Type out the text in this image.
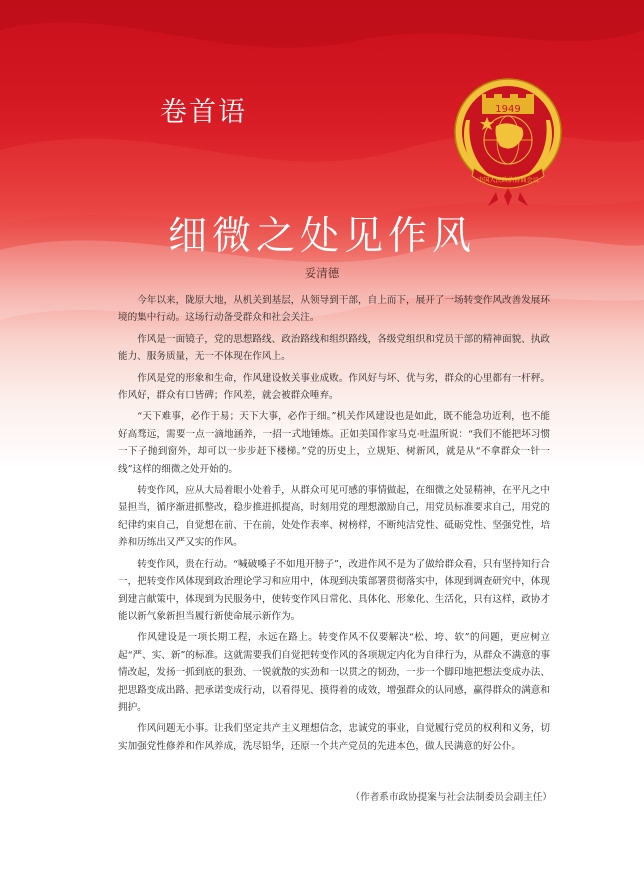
卷首语	1949
中国人民政治协商会议
细微之处见作风
妥清德

今年以来，陇原大地，从机关到基层，从领导到干部，自上而下，展开了一场转变作风改善发展环境的集中行动。这场行动备受群众和社会关注。

作风是一面镜子，党的思想路线、政治路线和组织路线，各级党组织和党员干部的精神面貌、执政能力、服务质量，无一不体现在作风上。

作风是党的形象和生命，作风建设攸关事业成败。作风好与坏、优与劣，群众的心里都有一杆秤。作风好，群众有口皆碑；作风差，就会被群众唾弃。

“天下难事，必作于易；天下大事，必作于细。”机关作风建设也是如此，既不能急功近利，也不能好高骛远，需要一点一滴地涵养，一招一式地锤炼。正如美国作家马克·吐温所说：“我们不能把坏习惯一下子抛到窗外，却可以一步步赶下楼梯。”党的历史上，立规矩、树新风，就是从“不拿群众一针一线”这样的细微之处开始的。

转变作风，应从大局着眼小处着手，从群众可见可感的事情做起，在细微之处显精神，在平凡之中显担当，循序渐进抓整改，稳步推进抓提高，时刻用党的理想激励自己，用党员标准要求自己，用党的纪律约束自己，自觉想在前、干在前，处处作表率、树榜样，不断纯洁党性、砥砺党性、坚强党性，培养和历练出又严又实的作风。

转变作风，贵在行动。“喊破嗓子不如甩开膀子”，改进作风不是为了做给群众看，只有坚持知行合一，把转变作风体现到政治理论学习和应用中，体现到决策部署贯彻落实中，体现到调查研究中，体现到建言献策中，体现到为民服务中，使转变作风日常化、具体化、形象化、生活化，只有这样，政协才能以新气象新担当履行新使命展示新作为。

作风建设是一项长期工程，永远在路上。转变作风不仅要解决“松、垮、软”的问题，更应树立起“严、实、新”的标准。这就需要我们自觉把转变作风的各项规定内化为自律行为，从群众不满意的事情改起，发扬一抓到底的狠劲、一锐就散的实劲和一以贯之的韧劲，一步一个脚印地把想法变成办法、把思路变成出路、把承诺变成行动，以看得见、摸得着的成效，增强群众的认同感，赢得群众的满意和拥护。

作风问题无小事。让我们坚定共产主义理想信念，忠诚党的事业，自觉履行党员的权利和义务，切实加强党性修养和作风养成，洗尽铅华，还原一个共产党员的先进本色，做人民满意的好公仆。

（作者系市政协提案与社会法制委员会副主任）
